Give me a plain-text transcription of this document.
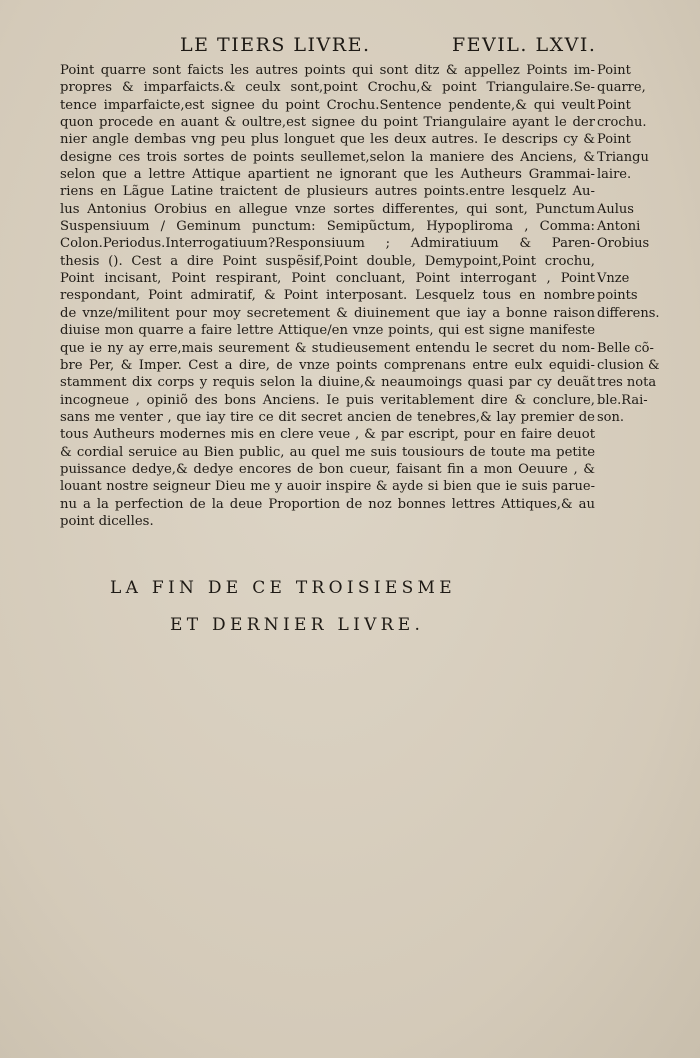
LE TIERS LIVRE.	FEVIL. LXVI.
Point quarre sont faicts les autres points qui sont ditz & appellez Points im-
propres & imparfaicts.& ceulx sont,point Crochu,& point Triangulaire.Se-
tence imparfaicte,est signee du point Crochu.Sentence pendente,& qui veult
quon procede en auant & oultre,est signee du point Triangulaire ayant le der
nier angle dembas vng peu plus longuet que les deux autres. Ie descrips cy &
designe ces trois sortes de points seullemet,selon la maniere des Anciens, &
selon que a lettre Attique apartient ne ignorant que les Autheurs Grammai-
riens en Lãgue Latine traictent de plusieurs autres points.entre lesquelz Au-
lus Antonius Orobius en allegue vnze sortes differentes, qui sont, Punctum
Suspensiuum / Geminum punctum: Semipũctum, Hypopliroma , Comma:
Colon.Periodus.Interrogatiuum?Responsiuum ; Admiratiuum & Paren-
thesis (). Cest a dire Point suspẽsif,Point double, Demypoint,Point crochu,
Point incisant, Point respirant, Point concluant, Point interrogant , Point
respondant, Point admiratif, & Point interposant. Lesquelz tous en nombre
de vnze/militent pour moy secretement & diuinement que iay a bonne raison
diuise mon quarre a faire lettre Attique/en vnze points, qui est signe manifeste
que ie ny ay erre,mais seurement & studieusement entendu le secret du nom-
bre Per, & Imper. Cest a dire, de vnze points comprenans entre eulx equidi-
stamment dix corps y requis selon la diuine,& neaumoings quasi par cy deuãt
incogneue , opiniõ des bons Anciens. Ie puis veritablement dire & conclure,
sans me venter , que iay tire ce dit secret ancien de tenebres,& lay premier de
tous Autheurs modernes mis en clere veue , & par escript, pour en faire deuot
& cordial seruice au Bien public, au quel me suis tousiours de toute ma petite
puissance dedye,& dedye encores de bon cueur, faisant fin a mon Oeuure , &
louant nostre seigneur Dieu me y auoir inspire & ayde si bien que ie suis parue-
nu a la perfection de la deue Proportion de noz bonnes lettres Attiques,& au
point dicelles.
Point
quarre,
Point
crochu.
Point
Triangu
laire.
Aulus
Antoni
Orobius
Vnze
points
differens.
Belle cõ-
clusion &
tres nota
ble.Rai-
son.
LA FIN DE CE TROISIESME
ET DERNIER LIVRE.
